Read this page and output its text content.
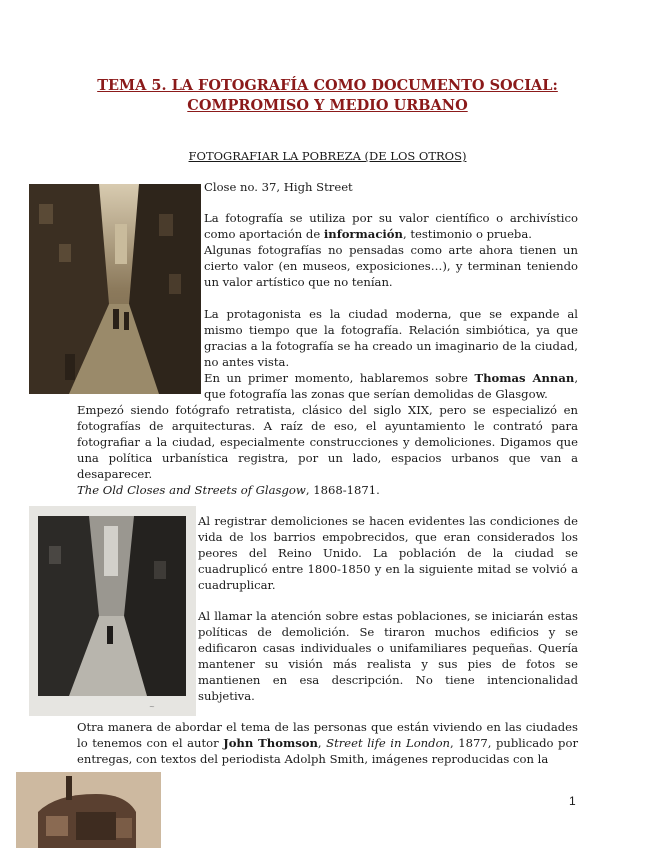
TEMA 5. LA FOTOGRAFÍA COMO DOCUMENTO SOCIAL:
COMPROMISO Y MEDIO URBANO
FOTOGRAFIAR LA POBREZA (DE LOS OTROS)

Close no. 37, High Street

La fotografía se utiliza por su valor científico o archivístico como aportación de información, testimonio o prueba.

Algunas fotografías no pensadas como arte ahora tienen un cierto valor (en museos, exposiciones…), y terminan teniendo un valor artístico que no tenían.

La protagonista es la ciudad moderna, que se expande al mismo tiempo que la fotografía. Relación simbiótica, ya que gracias a la fotografía se ha creado un imaginario de la ciudad, no antes vista.

En un primer momento, hablaremos sobre Thomas Annan, que fotografía las zonas que serían demolidas de Glasgow.

Empezó siendo fotógrafo retratista, clásico del siglo XIX, pero se especializó en fotografías de arquitecturas. A raíz de eso, el ayuntamiento le contrató para fotografiar a la ciudad, especialmente construcciones y demoliciones. Digamos que una política urbanística registra, por un lado, espacios urbanos que van a desaparecer.

The Old Closes and Streets of Glasgow, 1868-1871.

~

Al registrar demoliciones se hacen evidentes las condiciones de vida de los barrios empobrecidos, que eran considerados los peores del Reino Unido. La población de la ciudad se cuadruplicó entre 1800-1850 y en la siguiente mitad se volvió a cuadruplicar.

Al llamar la atención sobre estas poblaciones, se iniciarán estas políticas de demolición. Se tiraron muchos edificios y se edificaron casas individuales o unifamiliares pequeñas. Quería mantener su visión más realista y sus pies de fotos se mantienen en esa descripción. No tiene intencionalidad subjetiva.

Otra manera de abordar el tema de las personas que están viviendo en las ciudades lo tenemos con el autor John Thomson, Street life in London, 1877, publicado por entregas, con textos del periodista Adolph Smith, imágenes reproducidas con la

1
